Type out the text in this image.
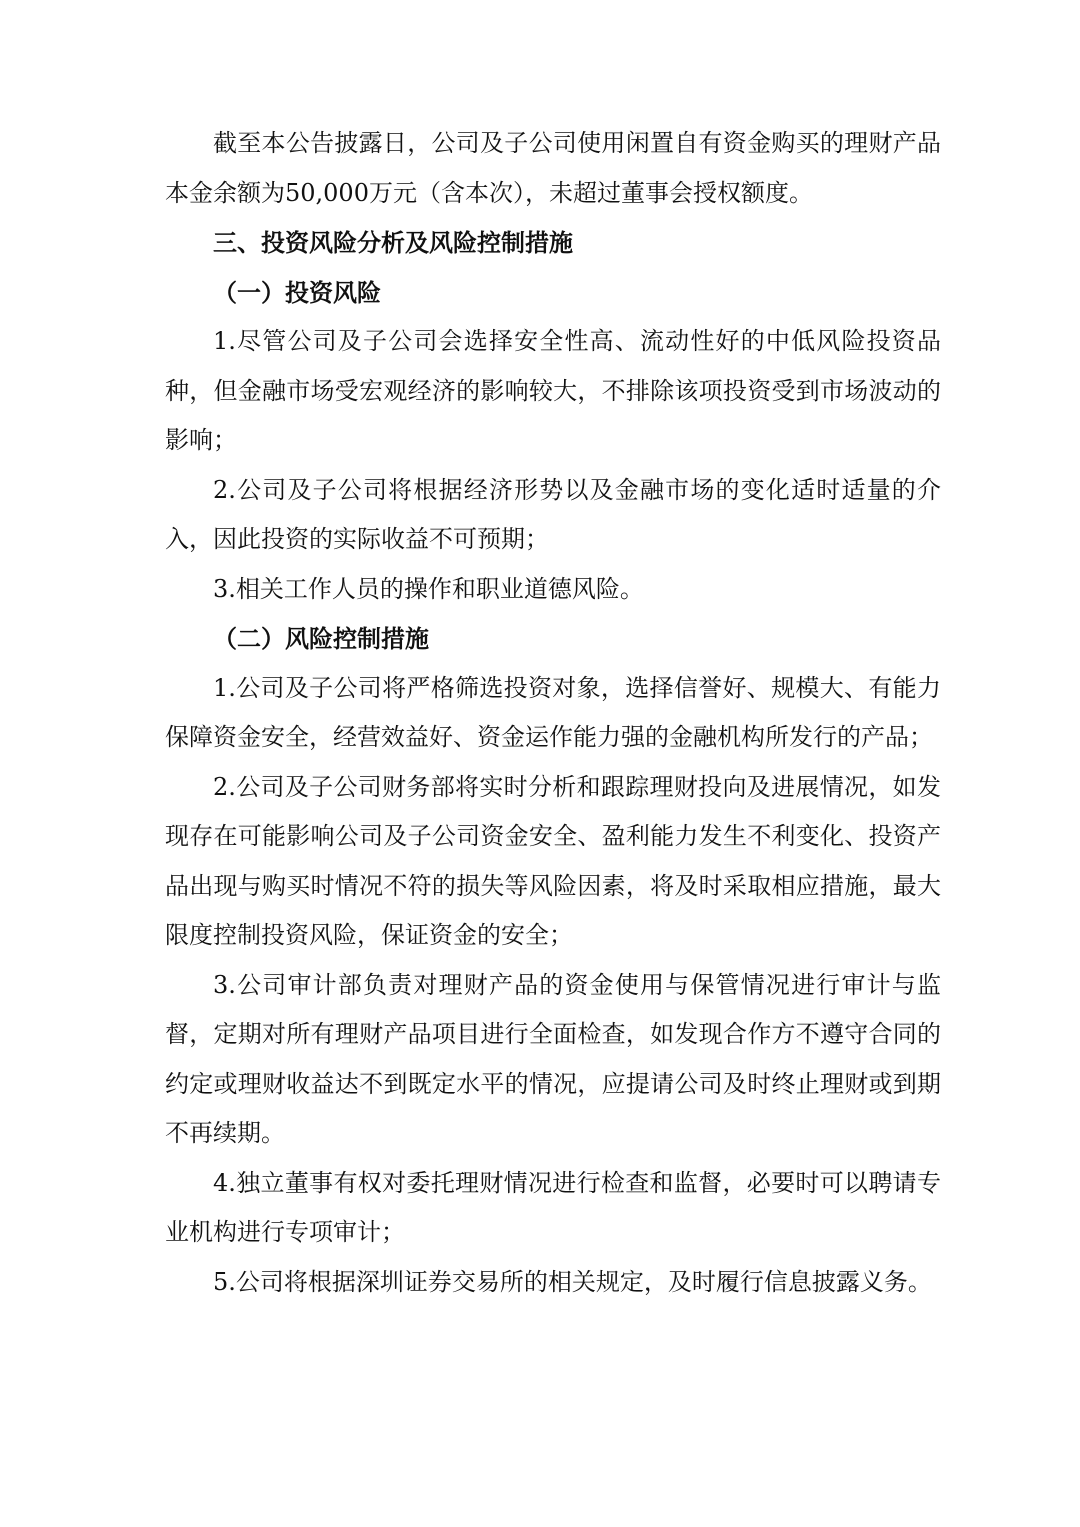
截至本公告披露日，公司及子公司使用闲置自有资金购买的理财产品本金余额为50,000万元（含本次），未超过董事会授权额度。

三、投资风险分析及风险控制措施

（一）投资风险

1.尽管公司及子公司会选择安全性高、流动性好的中低风险投资品种，但金融市场受宏观经济的影响较大，不排除该项投资受到市场波动的影响；

2.公司及子公司将根据经济形势以及金融市场的变化适时适量的介入，因此投资的实际收益不可预期；

3.相关工作人员的操作和职业道德风险。

（二）风险控制措施

1.公司及子公司将严格筛选投资对象，选择信誉好、规模大、有能力保障资金安全，经营效益好、资金运作能力强的金融机构所发行的产品；

2.公司及子公司财务部将实时分析和跟踪理财投向及进展情况，如发现存在可能影响公司及子公司资金安全、盈利能力发生不利变化、投资产品出现与购买时情况不符的损失等风险因素，将及时采取相应措施，最大限度控制投资风险，保证资金的安全；

3.公司审计部负责对理财产品的资金使用与保管情况进行审计与监督，定期对所有理财产品项目进行全面检查，如发现合作方不遵守合同的约定或理财收益达不到既定水平的情况，应提请公司及时终止理财或到期不再续期。

4.独立董事有权对委托理财情况进行检查和监督，必要时可以聘请专业机构进行专项审计；

5.公司将根据深圳证券交易所的相关规定，及时履行信息披露义务。
